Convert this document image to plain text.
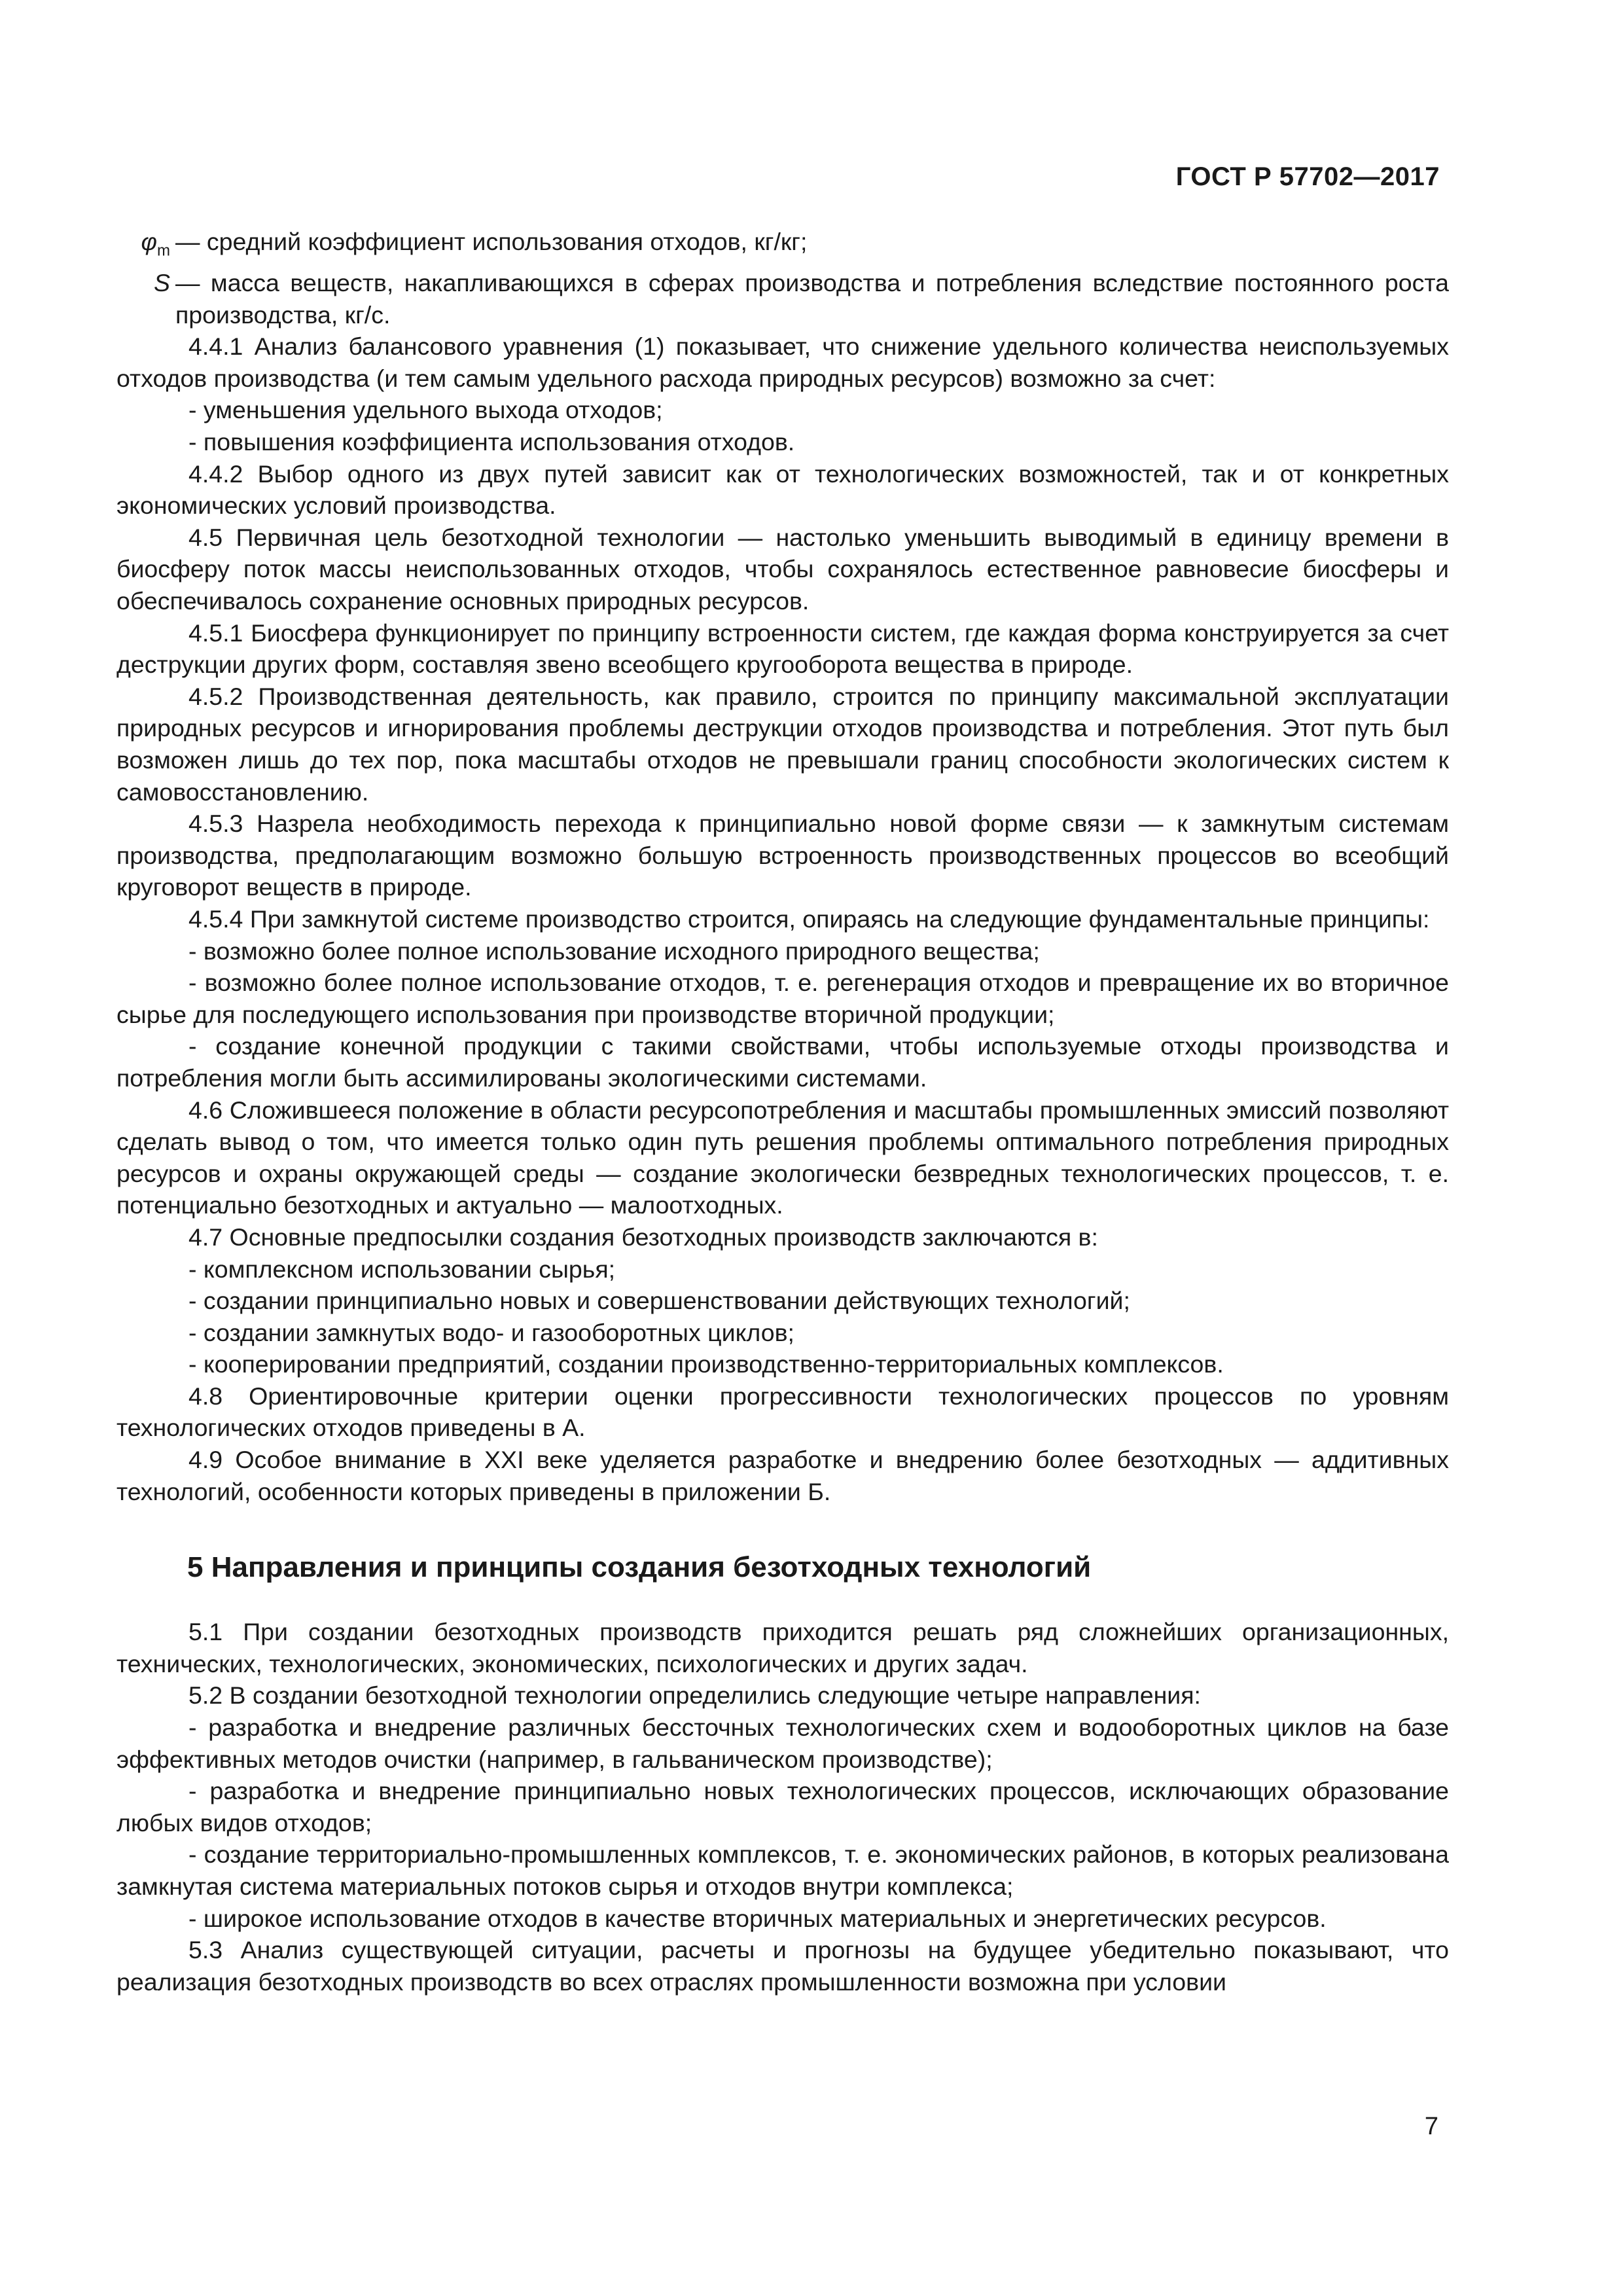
ГОСТ Р 57702—2017

$\varphi_m$ — средний коэффициент использования отходов, кг/кг;

S — масса веществ, накапливающихся в сферах производства и потребления вследствие постоянного роста производства, кг/с.

4.4.1 Анализ балансового уравнения (1) показывает, что снижение удельного количества неиспользуемых отходов производства (и тем самым удельного расхода природных ресурсов) возможно за счет:

- уменьшения удельного выхода отходов;

- повышения коэффициента использования отходов.

4.4.2 Выбор одного из двух путей зависит как от технологических возможностей, так и от конкретных экономических условий производства.

4.5 Первичная цель безотходной технологии — настолько уменьшить выводимый в единицу времени в биосферу поток массы неиспользованных отходов, чтобы сохранялось естественное равновесие биосферы и обеспечивалось сохранение основных природных ресурсов.

4.5.1 Биосфера функционирует по принципу встроенности систем, где каждая форма конструируется за счет деструкции других форм, составляя звено всеобщего кругооборота вещества в природе.

4.5.2 Производственная деятельность, как правило, строится по принципу максимальной эксплуатации природных ресурсов и игнорирования проблемы деструкции отходов производства и потребления. Этот путь был возможен лишь до тех пор, пока масштабы отходов не превышали границ способности экологических систем к самовосстановлению.

4.5.3 Назрела необходимость перехода к принципиально новой форме связи — к замкнутым системам производства, предполагающим возможно большую встроенность производственных процессов во всеобщий круговорот веществ в природе.

4.5.4 При замкнутой системе производство строится, опираясь на следующие фундаментальные принципы:

- возможно более полное использование исходного природного вещества;

- возможно более полное использование отходов, т. е. регенерация отходов и превращение их во вторичное сырье для последующего использования при производстве вторичной продукции;

- создание конечной продукции с такими свойствами, чтобы используемые отходы производства и потребления могли быть ассимилированы экологическими системами.

4.6 Сложившееся положение в области ресурсопотребления и масштабы промышленных эмиссий позволяют сделать вывод о том, что имеется только один путь решения проблемы оптимального потребления природных ресурсов и охраны окружающей среды — создание экологически безвредных технологических процессов, т. е. потенциально безотходных и актуально — малоотходных.

4.7 Основные предпосылки создания безотходных производств заключаются в:

- комплексном использовании сырья;

- создании принципиально новых и совершенствовании действующих технологий;

- создании замкнутых водо- и газооборотных циклов;

- кооперировании предприятий, создании производственно-территориальных комплексов.

4.8 Ориентировочные критерии оценки прогрессивности технологических процессов по уровням технологических отходов приведены в А.

4.9 Особое внимание в XXI веке уделяется разработке и внедрению более безотходных — аддитивных технологий, особенности которых приведены в приложении Б.

5 Направления и принципы создания безотходных технологий

5.1 При создании безотходных производств приходится решать ряд сложнейших организационных, технических, технологических, экономических, психологических и других задач.

5.2 В создании безотходной технологии определились следующие четыре направления:

- разработка и внедрение различных бессточных технологических схем и водооборотных циклов на базе эффективных методов очистки (например, в гальваническом производстве);

- разработка и внедрение принципиально новых технологических процессов, исключающих образование любых видов отходов;

- создание территориально-промышленных комплексов, т. е. экономических районов, в которых реализована замкнутая система материальных потоков сырья и отходов внутри комплекса;

- широкое использование отходов в качестве вторичных материальных и энергетических ресурсов.

5.3 Анализ существующей ситуации, расчеты и прогнозы на будущее убедительно показывают, что реализация безотходных производств во всех отраслях промышленности возможна при условии

7
